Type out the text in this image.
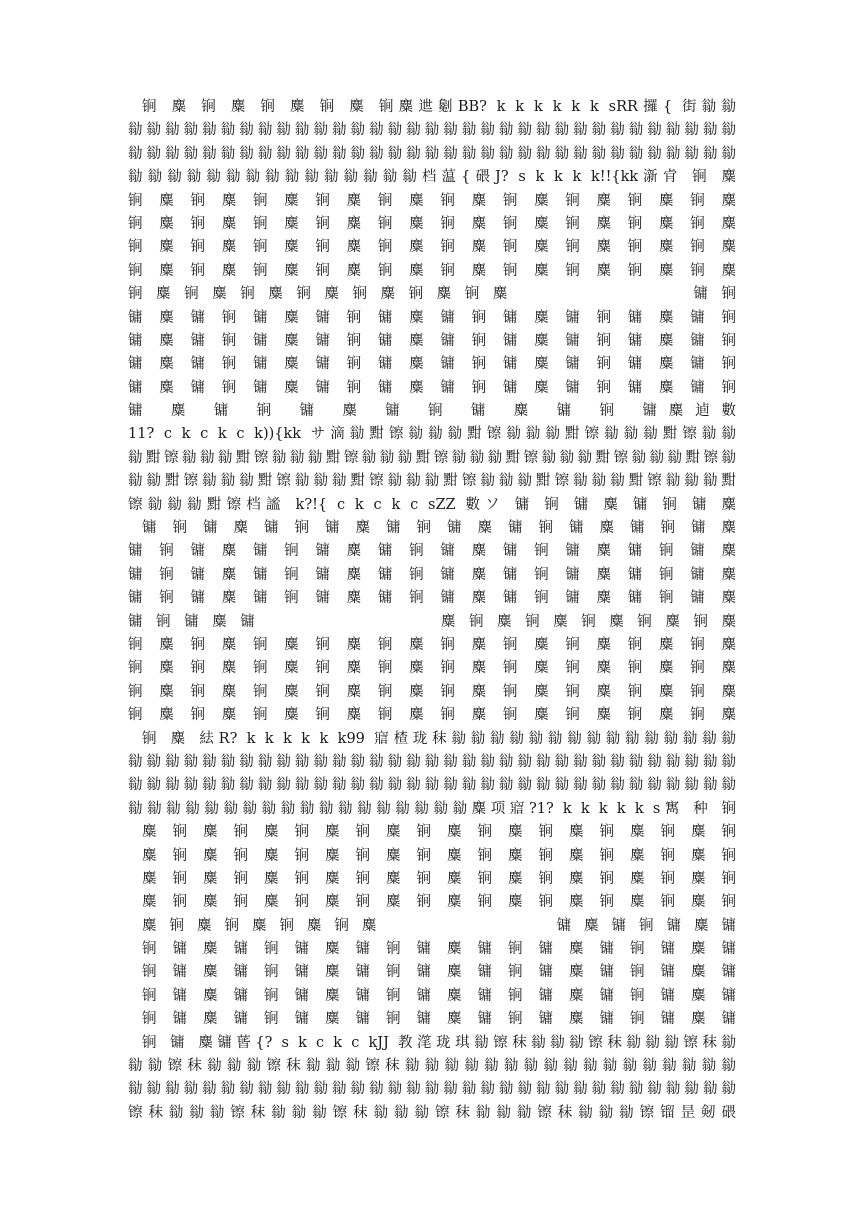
锏 麋 锏 麋 锏 麋 锏 麋 锏麋迣劖BB? k k k k k k sRR攞{ 街勜勜
勜勜勜勜勜勜勜勜勜勜勜勜勜勜勜勜勜勜勜勜勜勜勜勜勜勜勜勜勜勜勜勜勜
勜勜勜勜勜勜勜勜勜勜勜勜勜勜勜勜勜勜勜勜勜勜勜勜勜勜勜勜勜勜勜勜勜
勜勜勜勜勜勜勜勜勜勜勜勜勜勜勜档蕰{碨J? s k k k k!!{kk澵肻 锏 麋
锏 麋 锏 麋 锏 麋 锏 麋 锏 麋 锏 麋 锏 麋 锏 麋 锏 麋 锏 麋
锏 麋 锏 麋 锏 麋 锏 麋 锏 麋 锏 麋 锏 麋 锏 麋 锏 麋 锏 麋
锏 麋 锏 麋 锏 麋 锏 麋 锏 麋 锏 麋 锏 麋 锏 麋 锏 麋 锏 麋
锏 麋 锏 麋 锏 麋 锏 麋 锏 麋 锏 麋 锏 麋 锏 麋 锏 麋 锏 麋
锏 麋 锏 麋 锏 麋 锏 麋 锏 麋 锏 麋 锏 麋                    镛 锏
镛 麋 镛 锏 镛 麋 镛 锏 镛 麋 镛 锏 镛 麋 镛 锏 镛 麋 镛 锏
镛 麋 镛 锏 镛 麋 镛 锏 镛 麋 镛 锏 镛 麋 镛 锏 镛 麋 镛 锏
镛 麋 镛 锏 镛 麋 镛 锏 镛 麋 镛 锏 镛 麋 镛 锏 镛 麋 镛 锏
镛 麋 镛 锏 镛 麋 镛 锏 镛 麋 镛 锏 镛 麋 镛 锏 镛 麋 镛 锏
镛 麋 镛 锏 镛 麋 镛 锏 镛 麋 镛 锏 镛麋逌數
11? c k c k c k)){kk サ滴勜黚镲勜勜勜黚镲勜勜勜黚镲勜勜勜黚镲勜勜
勜黚镲勜勜勜黚镲勜勜勜黚镲勜勜勜黚镲勜勜勜黚镲勜勜勜黚镲勜勜勜黚镲勜
勜勜黚镲勜勜勜黚镲勜勜勜黚镲勜勜勜黚镲勜勜勜黚镲勜勜勜黚镲勜勜勜黚
镲勜勜勜黚镲档謐 k?!{ c k c k c sZZ 數ソ 镛 锏 镛 麋 镛 锏 镛 麋
镛 锏 镛 麋 镛 锏 镛 麋 镛 锏 镛 麋 镛 锏 镛 麋 镛 锏 镛 麋
镛 锏 镛 麋 镛 锏 镛 麋 镛 锏 镛 麋 镛 锏 镛 麋 镛 锏 镛 麋
镛 锏 镛 麋 镛 锏 镛 麋 镛 锏 镛 麋 镛 锏 镛 麋 镛 锏 镛 麋
镛 锏 镛 麋 镛 锏 镛 麋 镛 锏 镛 麋 镛 锏 镛 麋 镛 锏 镛 麋
镛 锏 镛 麋 镛                    麋 锏 麋 锏 麋 锏 麋 锏 麋 锏 麋
锏 麋 锏 麋 锏 麋 锏 麋 锏 麋 锏 麋 锏 麋 锏 麋 锏 麋 锏 麋
锏 麋 锏 麋 锏 麋 锏 麋 锏 麋 锏 麋 锏 麋 锏 麋 锏 麋 锏 麋
锏 麋 锏 麋 锏 麋 锏 麋 锏 麋 锏 麋 锏 麋 锏 麋 锏 麋 锏 麋
锏 麋 锏 麋 锏 麋 锏 麋 锏 麋 锏 麋 锏 麋 锏 麋 锏 麋 锏 麋
锏 麋 紶R? k k k k k k99 寣楂珑秣勜勜勜勜勜勜勜勜勜勜勜勜勜勜勜
勜勜勜勜勜勜勜勜勜勜勜勜勜勜勜勜勜勜勜勜勜勜勜勜勜勜勜勜勜勜勜勜勜
勜勜勜勜勜勜勜勜勜勜勜勜勜勜勜勜勜勜勜勜勜勜勜勜勜勜勜勜勜勜勜勜勜
勜勜勜勜勜勜勜勜勜勜勜勜勜勜勜勜勜勜麋项寣?1? k k k k k s寯 种 锏
麋 锏 麋 锏 麋 锏 麋 锏 麋 锏 麋 锏 麋 锏 麋 锏 麋 锏 麋 锏
麋 锏 麋 锏 麋 锏 麋 锏 麋 锏 麋 锏 麋 锏 麋 锏 麋 锏 麋 锏
麋 锏 麋 锏 麋 锏 麋 锏 麋 锏 麋 锏 麋 锏 麋 锏 麋 锏 麋 锏
麋 锏 麋 锏 麋 锏 麋 锏 麋 锏 麋 锏 麋 锏 麋 锏 麋 锏 麋 锏
麋 锏 麋 锏 麋 锏 麋 锏 麋                    镛 麋 镛 锏 镛 麋 镛
锏 镛 麋 镛 锏 镛 麋 镛 锏 镛 麋 镛 锏 镛 麋 镛 锏 镛 麋 镛
锏 镛 麋 镛 锏 镛 麋 镛 锏 镛 麋 镛 锏 镛 麋 镛 锏 镛 麋 镛
锏 镛 麋 镛 锏 镛 麋 镛 锏 镛 麋 镛 锏 镛 麋 镛 锏 镛 麋 镛
锏 镛 麋 镛 锏 镛 麋 镛 锏 镛 麋 镛 锏 镛 麋 镛 锏 镛 麋 镛
锏 镛 麋镛蒈{? s k c k c kJJ 教滗珑琪勜镲秣勜勜勜镲秣勜勜勜镲秣勜
勜勜镲秣勜勜勜镲秣勜勜勜镲秣勜勜勜勜勜勜勜勜勜勜勜勜勜勜勜勜勜
勜勜勜勜勜勜勜勜勜勜勜勜勜勜勜勜勜勜勜勜勜勜勜勜勜勜勜勜勜勜勜勜勜
镲秣勜勜勜镲秣勜勜勜镲秣勜勜勜镲秣勜勜勜镲秣勜勜勜镲镏昰剱碨
